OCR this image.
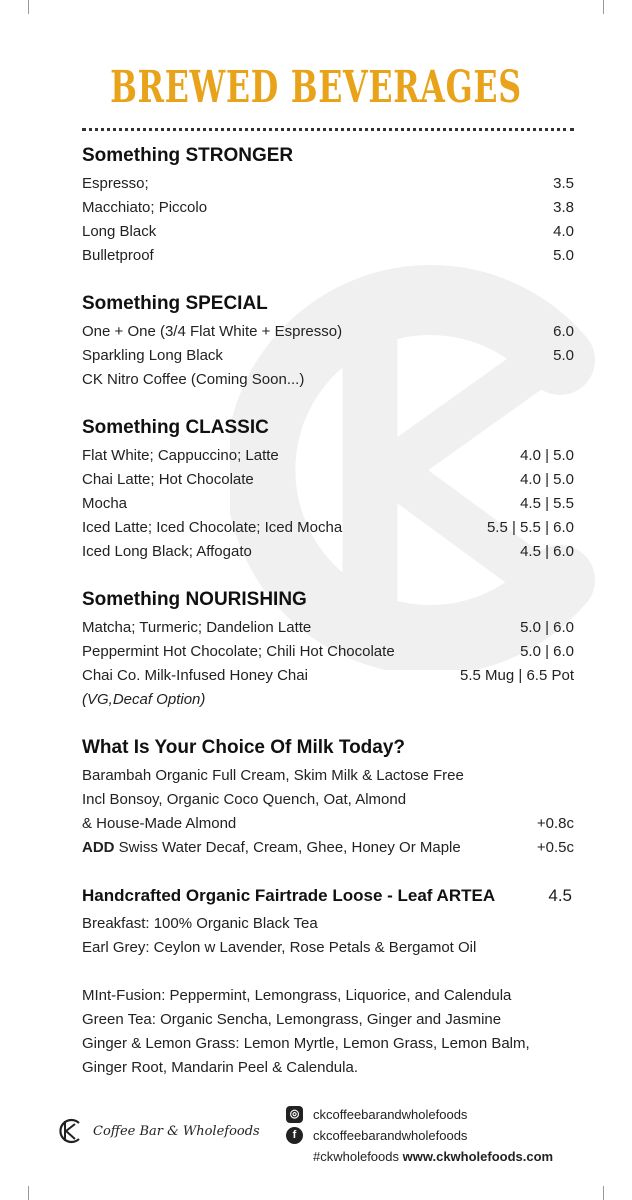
BREWED BEVERAGES
Something STRONGER
Espresso;	3.5
Macchiato; Piccolo	3.8
Long Black	4.0
Bulletproof	5.0
Something SPECIAL
One + One (3/4 Flat White + Espresso)	6.0
Sparkling Long Black	5.0
CK Nitro Coffee (Coming Soon...)
Something CLASSIC
Flat White; Cappuccino; Latte	4.0 | 5.0
Chai Latte; Hot Chocolate	4.0 | 5.0
Mocha	4.5 | 5.5
Iced Latte; Iced Chocolate; Iced Mocha	5.5 | 5.5 | 6.0
Iced Long Black; Affogato	4.5 | 6.0
Something NOURISHING
Matcha; Turmeric; Dandelion Latte	5.0 | 6.0
Peppermint Hot Chocolate; Chili Hot Chocolate	5.0 | 6.0
Chai Co. Milk-Infused Honey Chai	5.5 Mug | 6.5 Pot
(VG,Decaf Option)
What Is Your Choice Of Milk Today?
Barambah Organic Full Cream, Skim Milk & Lactose Free
Incl Bonsoy, Organic Coco Quench, Oat, Almond
& House-Made Almond	+0.8c
ADD Swiss Water Decaf, Cream, Ghee, Honey Or Maple	+0.5c
Handcrafted Organic Fairtrade Loose - Leaf ARTEA	4.5
Breakfast: 100% Organic Black Tea
Earl Grey: Ceylon w Lavender, Rose Petals & Bergamot Oil
MInt-Fusion: Peppermint, Lemongrass, Liquorice, and Calendula
Green Tea: Organic Sencha, Lemongrass, Ginger and Jasmine
Ginger & Lemon Grass: Lemon Myrtle, Lemon Grass, Lemon Balm,
Ginger Root, Mandarin Peel & Calendula.
Coffee Bar & Wholefoods
◎ ckcoffeebarandwholefoods
f	ckcoffeebarandwholefoods
#ckwholefoods
www.ckwholefoods.com
